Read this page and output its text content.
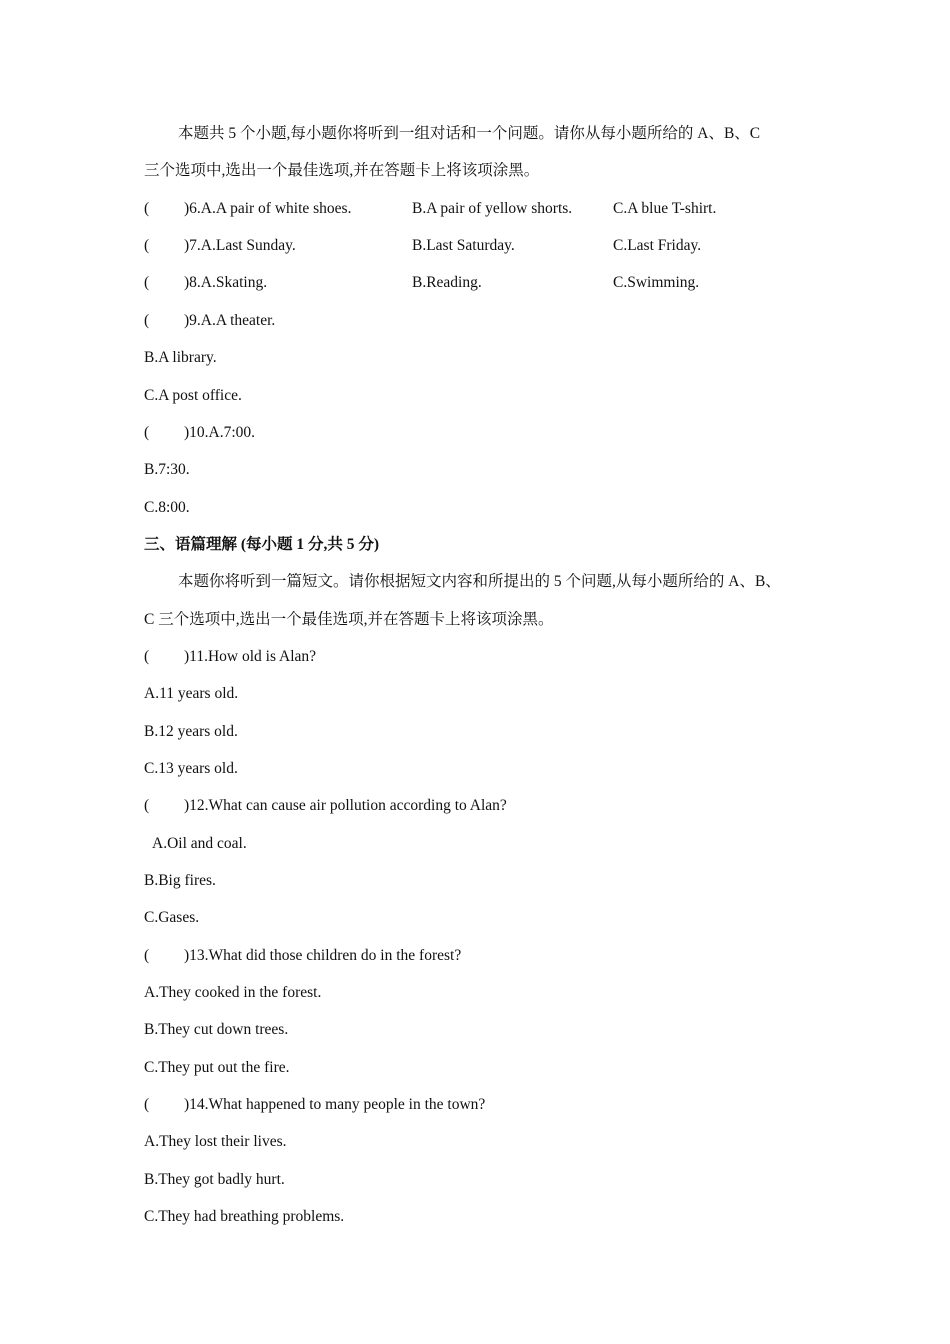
本题共 5 个小题,每小题你将听到一组对话和一个问题。请你从每小题所给的 A、B、C
三个选项中,选出一个最佳选项,并在答题卡上将该项涂黑。
( )6.A.A pair of white shoes.	B.A pair of yellow shorts.	C.A blue T-shirt.
( )7.A.Last Sunday.	B.Last Saturday.	C.Last Friday.
( )8.A.Skating.	B.Reading.	C.Swimming.
( )9.A.A theater.
B.A library.
C.A post office.
( )10.A.7:00.
B.7:30.
C.8:00.
三、语篇理解 (每小题 1 分,共 5 分)
本题你将听到一篇短文。请你根据短文内容和所提出的 5 个问题,从每小题所给的 A、B、
C 三个选项中,选出一个最佳选项,并在答题卡上将该项涂黑。
( )11.How old is Alan?
A.11 years old.
B.12 years old.
C.13 years old.
( )12.What can cause air pollution according to Alan?
A.Oil and coal.
B.Big fires.
C.Gases.
( )13.What did those children do in the forest?
A.They cooked in the forest.
B.They cut down trees.
C.They put out the fire.
( )14.What happened to many people in the town?
A.They lost their lives.
B.They got badly hurt.
C.They had breathing problems.
